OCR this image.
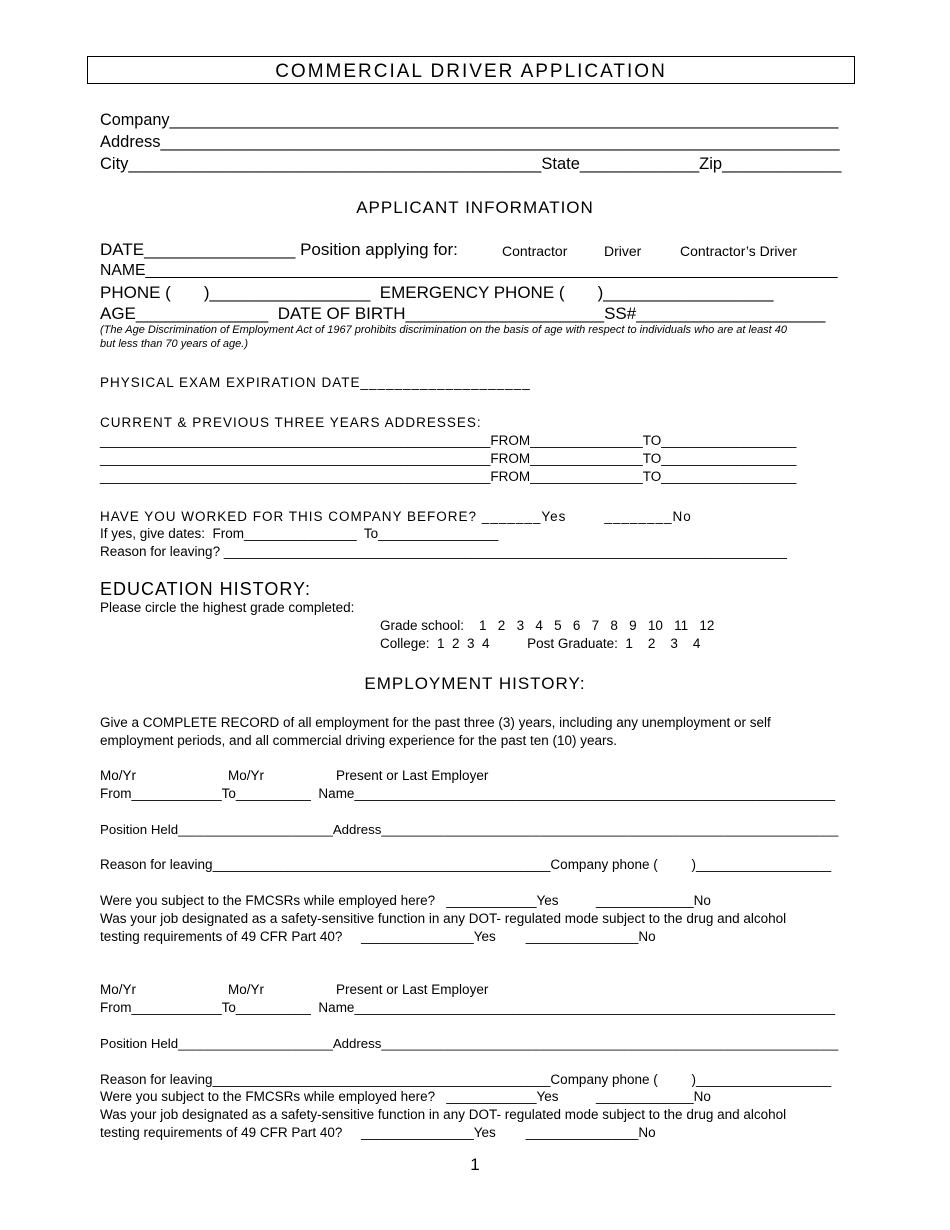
COMMERCIAL DRIVER APPLICATION
Company__________________________________________________________________________
Address__________________________________________________________________________
City_____________________________________________State_____________Zip_____________
APPLICANT INFORMATION
DATE________________ Position applying for:	Contractor	Driver	Contractor’s Driver
NAME_______________________________________________________________________________
PHONE (       )_________________  EMERGENCY PHONE (       )__________________
AGE______________  DATE OF BIRTH_____________________SS#____________________
(The Age Discrimination of Employment Act of 1967 prohibits discrimination on the basis of age with respect to individuals who are at least 40
but less than 70 years of age.)
PHYSICAL EXAM EXPIRATION DATE____________________
CURRENT & PREVIOUS THREE YEARS ADDRESSES:
____________________________________________________FROM_______________TO__________________
____________________________________________________FROM_______________TO__________________
____________________________________________________FROM_______________TO__________________
HAVE YOU WORKED FOR THIS COMPANY BEFORE? _______Yes        ________No
If yes, give dates:  From_______________  To________________
Reason for leaving? ___________________________________________________________________________
EDUCATION HISTORY:
Please circle the highest grade completed:
Grade school:    1   2   3   4   5   6   7   8   9   10   11   12
College:  1  2  3  4          Post Graduate:  1    2    3    4
EMPLOYMENT HISTORY:
Give a COMPLETE RECORD of all employment for the past three (3) years, including any unemployment or self
employment periods, and all commercial driving experience for the past ten (10) years.
Mo/Yr	Mo/Yr	Present or Last Employer
From____________To__________  Name________________________________________________________________
Position Held_____________________Address______________________________________________________________
Reason for leaving_____________________________________________Company phone (         )__________________
Were you subject to the FMCSRs while employed here?   ____________Yes          _____________No
Was your job designated as a safety-sensitive function in any DOT- regulated mode subject to the drug and alcohol
testing requirements of 49 CFR Part 40?     _______________Yes        _______________No
Mo/Yr	Mo/Yr	Present or Last Employer
From____________To__________  Name________________________________________________________________
Position Held_____________________Address______________________________________________________________
Reason for leaving_____________________________________________Company phone (         )__________________
Were you subject to the FMCSRs while employed here?   ____________Yes          _____________No
Was your job designated as a safety-sensitive function in any DOT- regulated mode subject to the drug and alcohol
testing requirements of 49 CFR Part 40?     _______________Yes        _______________No
1
